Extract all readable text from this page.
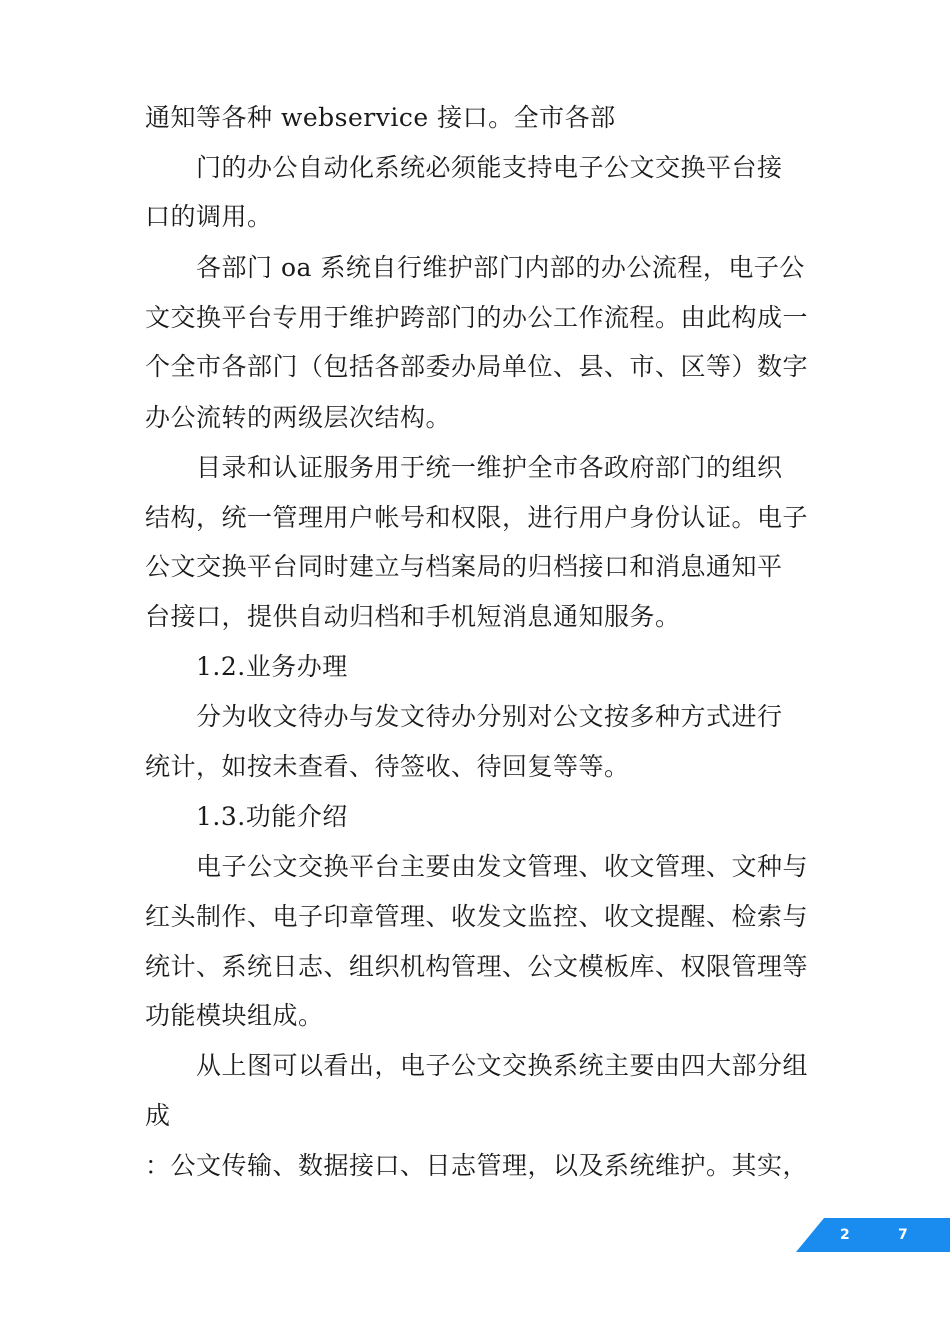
通知等各种 webservice 接口。全市各部
门的办公自动化系统必须能支持电子公文交换平台接
口的调用。
各部门 oa 系统自行维护部门内部的办公流程，电子公
文交换平台专用于维护跨部门的办公工作流程。由此构成一
个全市各部门（包括各部委办局单位、县、市、区等）数字
办公流转的两级层次结构。
目录和认证服务用于统一维护全市各政府部门的组织
结构，统一管理用户帐号和权限，进行用户身份认证。电子
公文交换平台同时建立与档案局的归档接口和消息通知平
台接口，提供自动归档和手机短消息通知服务。
1.2.业务办理
分为收文待办与发文待办分别对公文按多种方式进行
统计，如按未查看、待签收、待回复等等。
1.3.功能介绍
电子公文交换平台主要由发文管理、收文管理、文种与
红头制作、电子印章管理、收发文监控、收文提醒、检索与
统计、系统日志、组织机构管理、公文模板库、权限管理等
功能模块组成。
从上图可以看出，电子公文交换系统主要由四大部分组
成
：公文传输、数据接口、日志管理，以及系统维护。其实，
2	7
